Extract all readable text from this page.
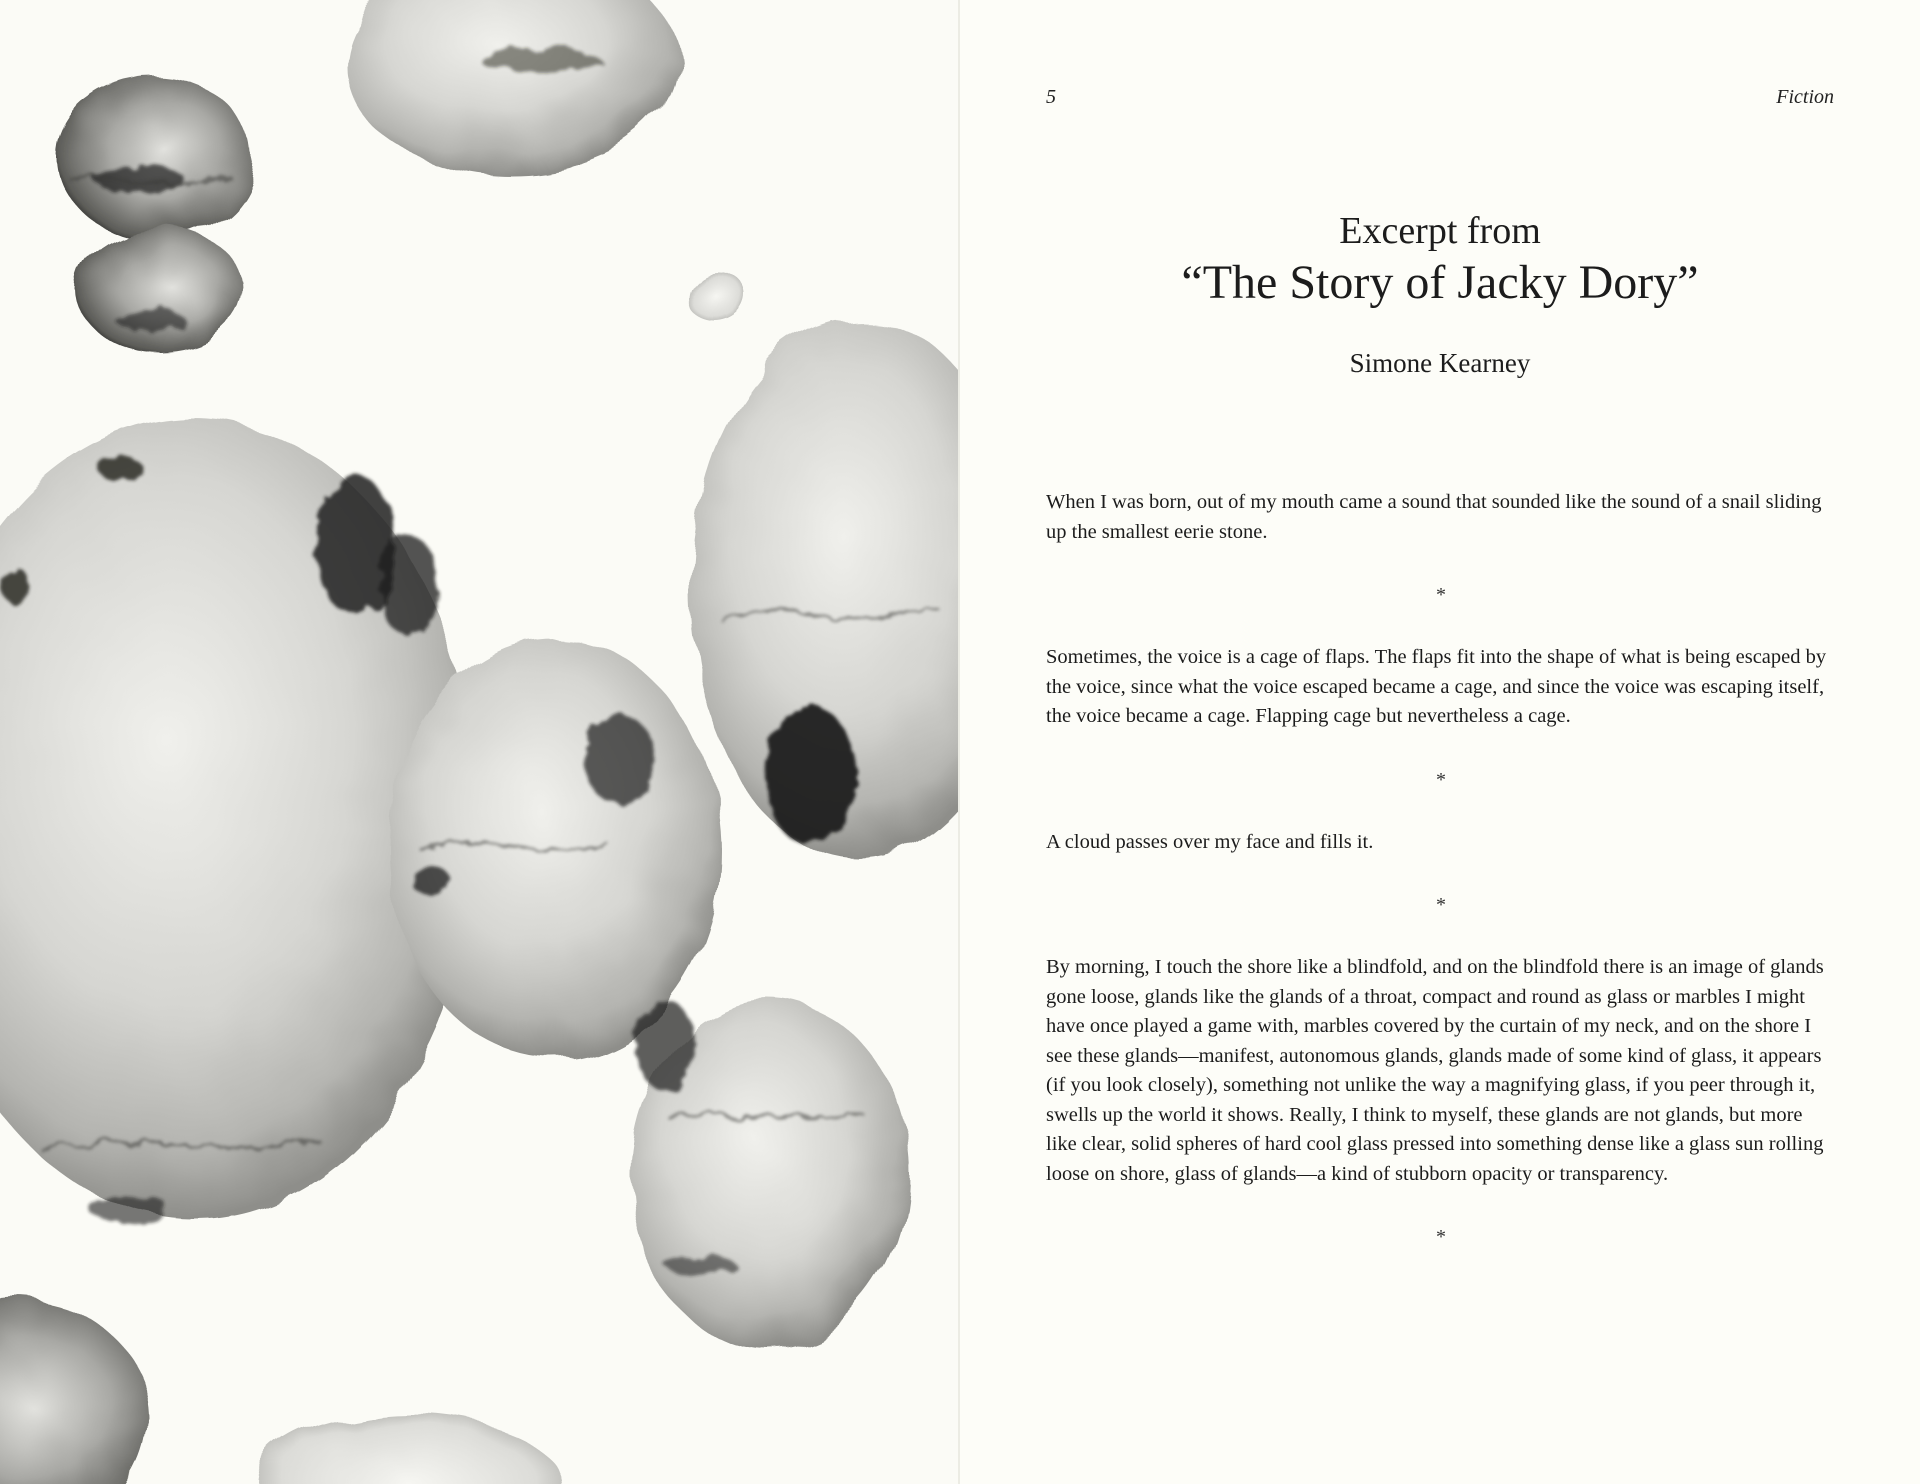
5	Fiction
Excerpt from
“The Story of Jacky Dory”
Simone Kearney

When I was born, out of my mouth came a sound that sounded like the sound of a snail sliding up the smallest eerie stone.

*

Sometimes, the voice is a cage of flaps. The flaps fit into the shape of what is being escaped by the voice, since what the voice escaped became a cage, and since the voice was escaping itself, the voice became a cage. Flapping cage but nevertheless a cage.

*

A cloud passes over my face and fills it.

*

By morning, I touch the shore like a blindfold, and on the blindfold there is an image of glands gone loose, glands like the glands of a throat, compact and round as glass or marbles I might have once played a game with, marbles covered by the curtain of my neck, and on the shore I see these glands—manifest, autonomous glands, glands made of some kind of glass, it appears (if you look closely), something not unlike the way a magnifying glass, if you peer through it, swells up the world it shows. Really, I think to myself, these glands are not glands, but more like clear, solid spheres of hard cool glass pressed into something dense like a glass sun rolling loose on shore, glass of glands—a kind of stubborn opacity or transparency.

*
